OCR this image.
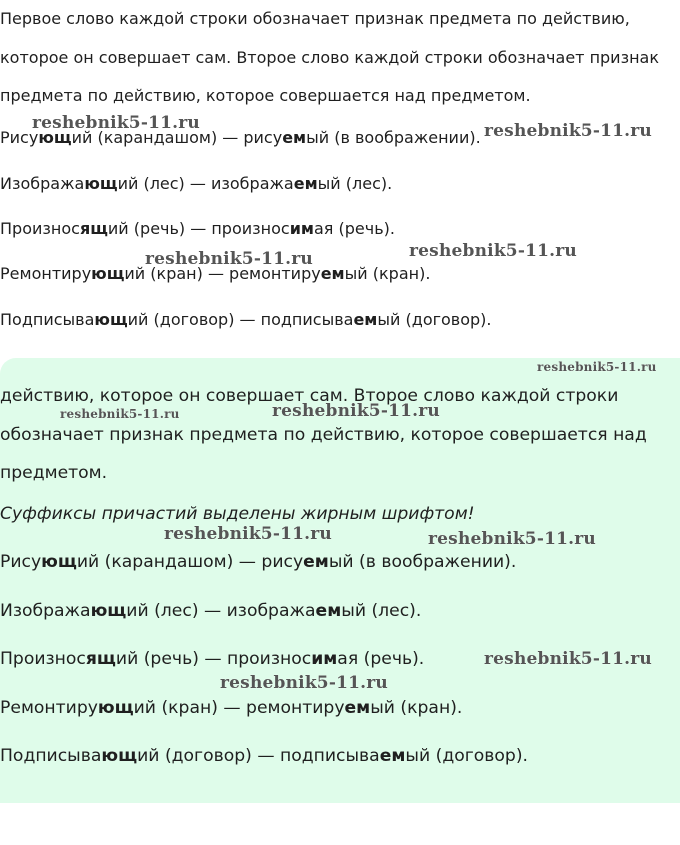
Первое слово каждой строки обозначает признак предмета по действию, которое он совершает сам. Второе слово каждой строки обозначает признак предмета по действию, которое совершается над предметом.

Рисующий (карандашом) — рисуемый (в воображении).

Изображающий (лес) — изображаемый (лес).

Произносящий (речь) — произносимая (речь).

Ремонтирующий (кран) — ремонтируемый (кран).

Подписывающий (договор) — подписываемый (договор).

действию, которое он совершает сам. Второе слово каждой строки обозначает признак предмета по действию, которое совершается над предметом.

Суффиксы причастий выделены жирным шрифтом!

Рисующий (карандашом) — рисуемый (в воображении).

Изображающий (лес) — изображаемый (лес).

Произносящий (речь) — произносимая (речь).

Ремонтирующий (кран) — ремонтируемый (кран).

Подписывающий (договор) — подписываемый (договор).

reshebnik5-11.ru	reshebnik5-11.ru
reshebnik5-11.ru
reshebnik5-11.ru
reshebnik5-11.ru
reshebnik5-11.ru	reshebnik5-11.ru
reshebnik5-11.ru	reshebnik5-11.ru
reshebnik5-11.ru
reshebnik5-11.ru
